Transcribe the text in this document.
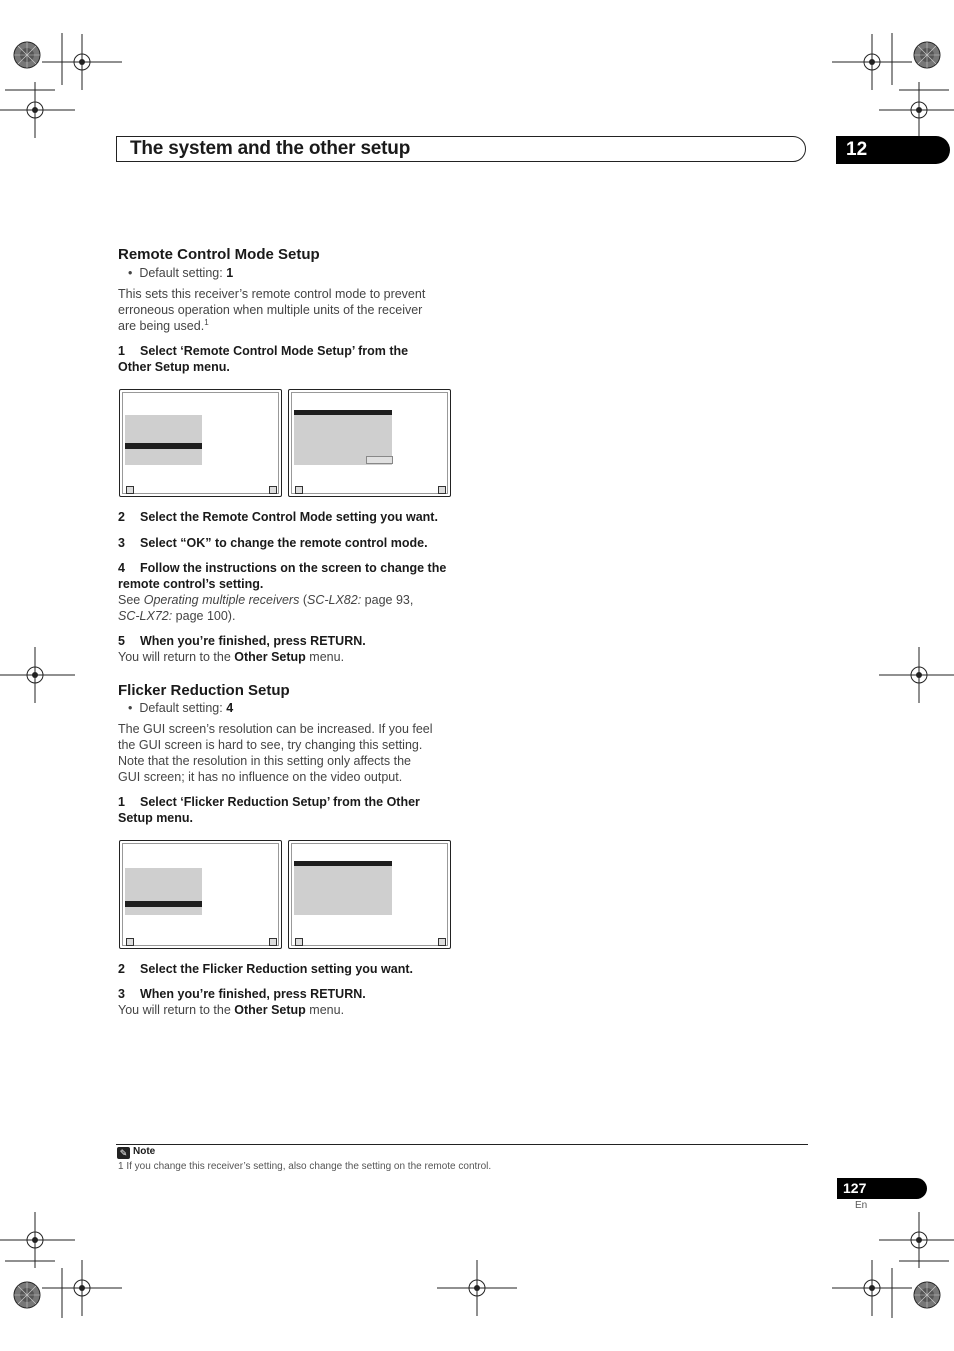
The system and the other setup	12
Remote Control Mode Setup
•  Default setting: 1
This sets this receiver’s remote control mode to prevent
erroneous operation when multiple units of the receiver
are being used.$^1$
1 Select ‘Remote Control Mode Setup’ from the
Other Setup menu.
2 Select the Remote Control Mode setting you want.
3 Select “OK” to change the remote control mode.
4 Follow the instructions on the screen to change the
remote control’s setting.
See Operating multiple receivers (SC-LX82: page 93,
SC-LX72: page 100).
5 When you’re finished, press RETURN.
You will return to the Other Setup menu.
Flicker Reduction Setup
•  Default setting: 4
The GUI screen’s resolution can be increased. If you feel
the GUI screen is hard to see, try changing this setting.
Note that the resolution in this setting only affects the
GUI screen; it has no influence on the video output.
1 Select ‘Flicker Reduction Setup’ from the Other
Setup menu.
2 Select the Flicker Reduction setting you want.
3 When you’re finished, press RETURN.
You will return to the Other Setup menu.
✎ Note
1 If you change this receiver’s setting, also change the setting on the remote control.
127
En
